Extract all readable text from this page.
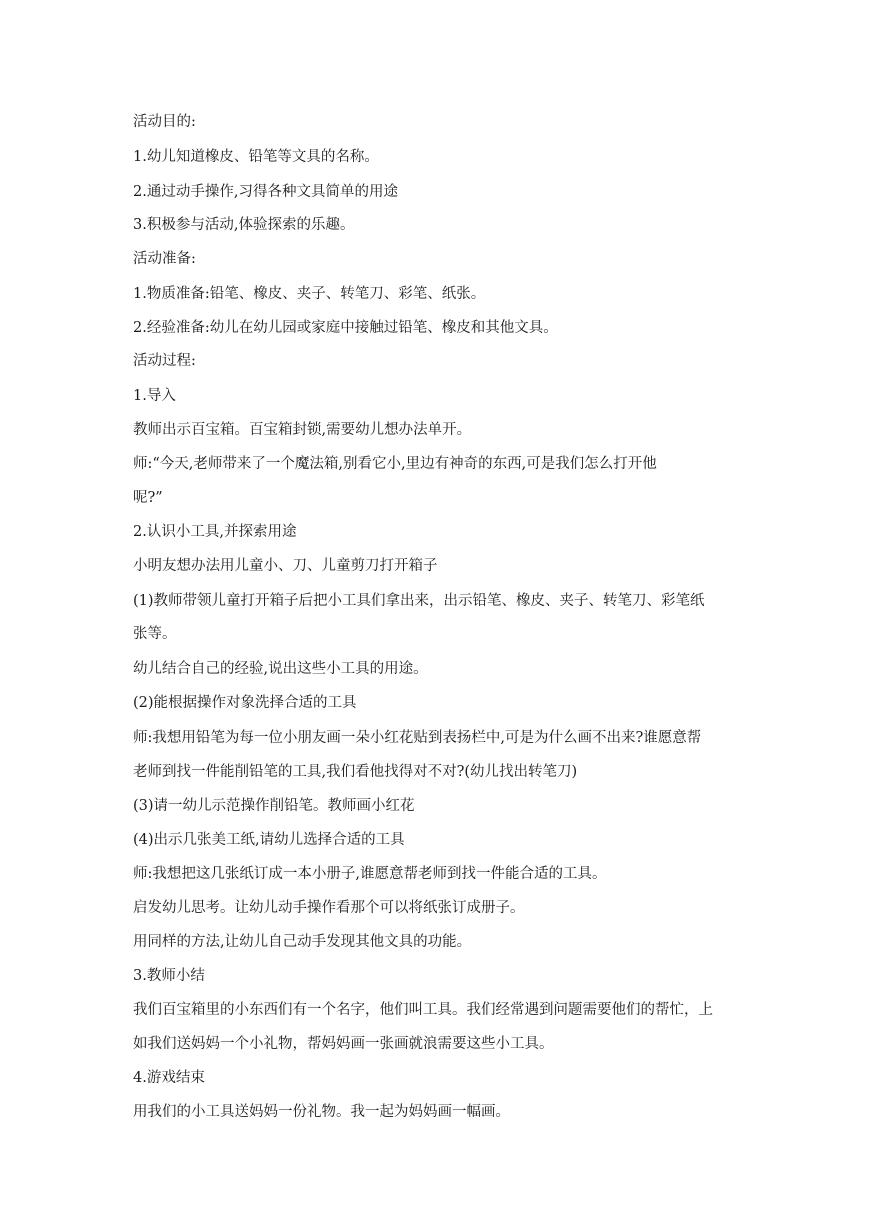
活动目的:

1.幼儿知道橡皮、铅笔等文具的名称。

2.通过动手操作,习得各种文具简单的用途

3.积极参与活动,体验探索的乐趣。

活动准备:

1.物质准备:铅笔、橡皮、夹子、转笔刀、彩笔、纸张。

2.经验准备:幼儿在幼儿园或家庭中接触过铅笔、橡皮和其他文具。

活动过程:

1.导入

教师出示百宝箱。百宝箱封锁,需要幼儿想办法单开。

师:“今天,老师带来了一个魔法箱,别看它小,里边有神奇的东西,可是我们怎么打开他

呢?”

2.认识小工具,并探索用途

小明友想办法用儿童小、刀、儿童剪刀打开箱子

(1)教师带领儿童打开箱子后把小工具们拿出来，出示铅笔、橡皮、夹子、转笔刀、彩笔纸

张等。

幼儿结合自己的经验,说出这些小工具的用途。

(2)能根据操作对象洗择合适的工具

师:我想用铅笔为每一位小朋友画一朵小红花贴到表扬栏中,可是为什么画不出来?谁愿意帮

老师到找一件能削铅笔的工具,我们看他找得对不对?(幼儿找出转笔刀)

(3)请一幼儿示范操作削铅笔。教师画小红花

(4)出示几张美工纸,请幼儿选择合适的工具

师:我想把这几张纸订成一本小册子,谁愿意帮老师到找一件能合适的工具。

启发幼儿思考。让幼儿动手操作看那个可以将纸张订成册子。

用同样的方法,让幼儿自己动手发现其他文具的功能。

3.教师小结

我们百宝箱里的小东西们有一个名字，他们叫工具。我们经常遇到问题需要他们的帮忙，上

如我们送妈妈一个小礼物，帮妈妈画一张画就浪需要这些小工具。

4.游戏结束

用我们的小工具送妈妈一份礼物。我一起为妈妈画一幅画。
